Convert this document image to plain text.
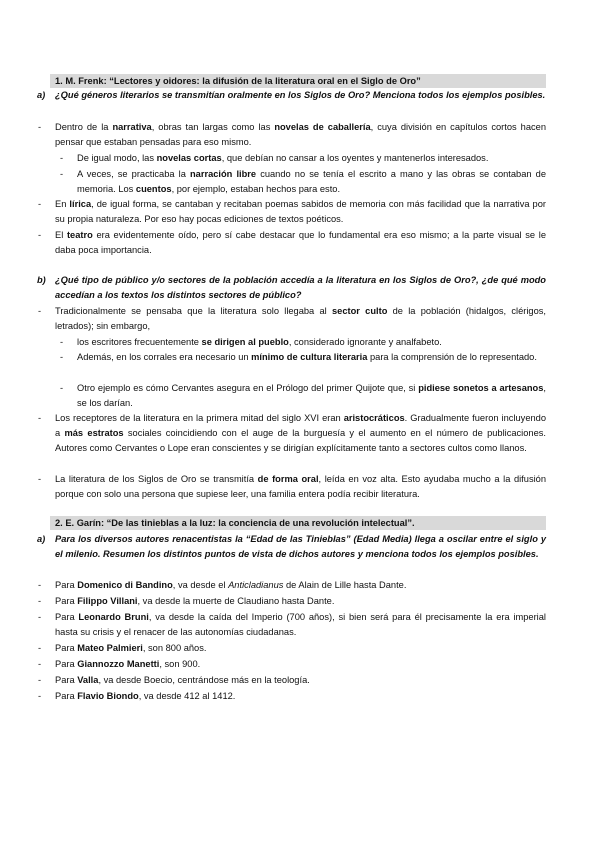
1. M. Frenk: “Lectores y oidores: la difusión de la literatura oral en el Siglo de Oro”
a) ¿Qué géneros literarios se transmitían oralmente en los Siglos de Oro? Menciona todos los ejemplos posibles.
- Dentro de la narrativa, obras tan largas como las novelas de caballería, cuya división en capítulos cortos hacen pensar que estaban pensadas para eso mismo.
- De igual modo, las novelas cortas, que debían no cansar a los oyentes y mantenerlos interesados.
- A veces, se practicaba la narración libre cuando no se tenía el escrito a mano y las obras se contaban de memoria. Los cuentos, por ejemplo, estaban hechos para esto.
- En lírica, de igual forma, se cantaban y recitaban poemas sabidos de memoria con más facilidad que la narrativa por su propia naturaleza. Por eso hay pocas ediciones de textos poéticos.
- El teatro era evidentemente oído, pero sí cabe destacar que lo fundamental era eso mismo; a la parte visual se le daba poca importancia.
b) ¿Qué tipo de público y/o sectores de la población accedía a la literatura en los Siglos de Oro?, ¿de qué modo accedían a los textos los distintos sectores de público?
- Tradicionalmente se pensaba que la literatura solo llegaba al sector culto de la población (hidalgos, clérigos, letrados); sin embargo,
- los escritores frecuentemente se dirigen al pueblo, considerado ignorante y analfabeto.
- Además, en los corrales era necesario un mínimo de cultura literaria para la comprensión de lo representado.
- Otro ejemplo es cómo Cervantes asegura en el Prólogo del primer Quijote que, si pidiese sonetos a artesanos, se los darían.
- Los receptores de la literatura en la primera mitad del siglo XVI eran aristocráticos. Gradualmente fueron incluyendo a más estratos sociales coincidiendo con el auge de la burguesía y el aumento en el número de publicaciones. Autores como Cervantes o Lope eran conscientes y se dirigían explícitamente tanto a sectores cultos como llanos.
- La literatura de los Siglos de Oro se transmitía de forma oral, leída en voz alta. Esto ayudaba mucho a la difusión porque con solo una persona que supiese leer, una familia entera podía recibir literatura.
2. E. Garín: “De las tinieblas a la luz: la conciencia de una revolución intelectual”.
a) Para los diversos autores renacentistas la “Edad de las Tinieblas” (Edad Media) llega a oscilar entre el siglo y el milenio. Resumen los distintos puntos de vista de dichos autores y menciona todos los ejemplos posibles.
- Para Domenico di Bandino, va desde el Anticladianus de Alain de Lille hasta Dante.
- Para Filippo Villani, va desde la muerte de Claudiano hasta Dante.
- Para Leonardo Bruni, va desde la caída del Imperio (700 años), si bien será para él precisamente la era imperial hasta su crisis y el renacer de las autonomías ciudadanas.
- Para Mateo Palmieri, son 800 años.
- Para Giannozzo Manetti, son 900.
- Para Valla, va desde Boecio, centrándose más en la teología.
- Para Flavio Biondo, va desde 412 al 1412.
